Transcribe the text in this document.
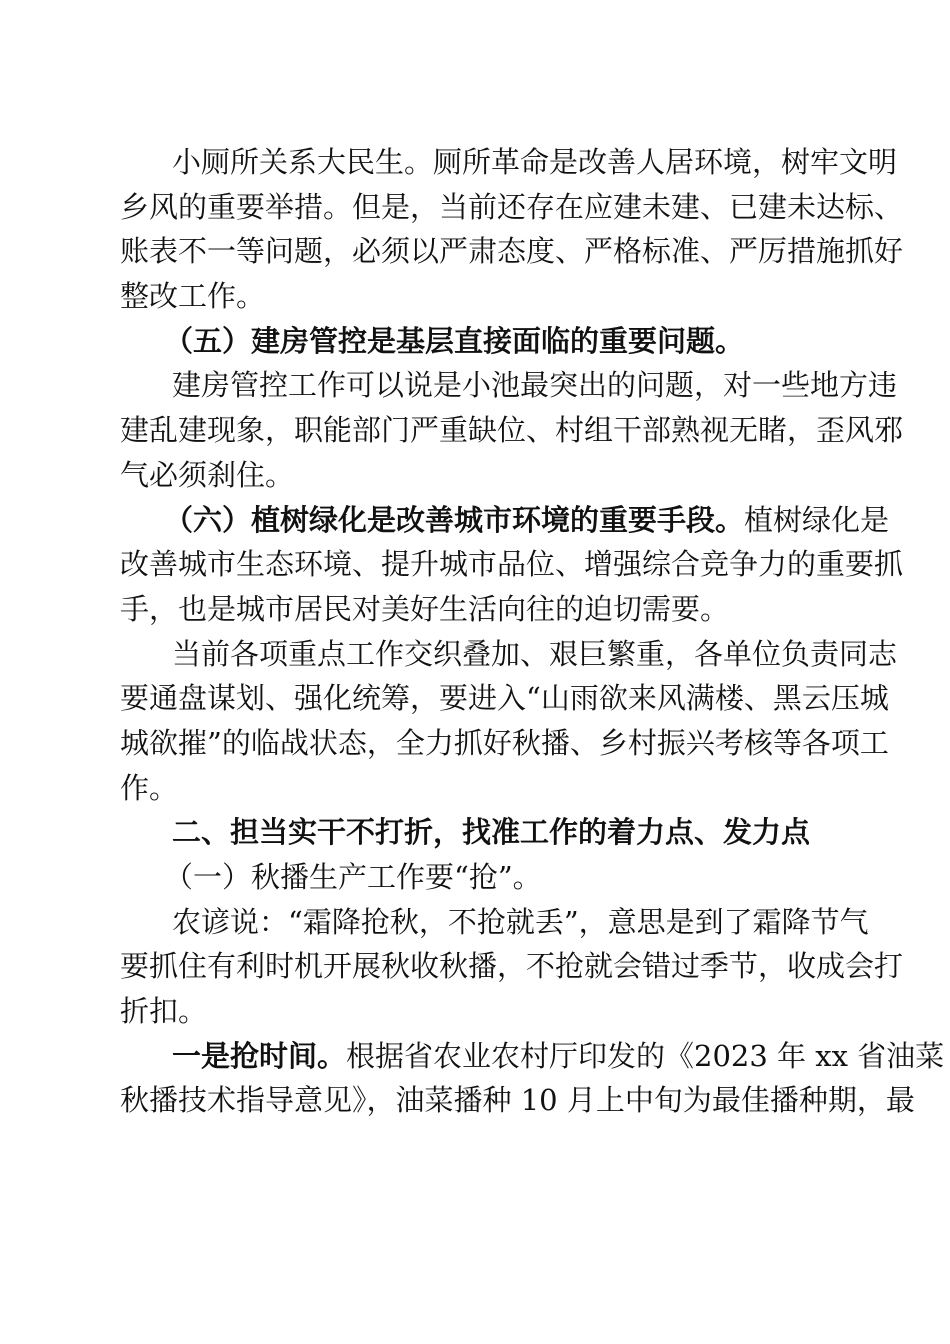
小厕所关系大民生。厕所革命是改善人居环境，树牢文明
乡风的重要举措。但是，当前还存在应建未建、已建未达标、
账表不一等问题，必须以严肃态度、严格标准、严厉措施抓好
整改工作。
（五）建房管控是基层直接面临的重要问题。
建房管控工作可以说是小池最突出的问题，对一些地方违
建乱建现象，职能部门严重缺位、村组干部熟视无睹，歪风邪
气必须刹住。
（六）植树绿化是改善城市环境的重要手段。植树绿化是
改善城市生态环境、提升城市品位、增强综合竞争力的重要抓
手，也是城市居民对美好生活向往的迫切需要。
当前各项重点工作交织叠加、艰巨繁重，各单位负责同志
要通盘谋划、强化统筹，要进入“山雨欲来风满楼、黑云压城
城欲摧”的临战状态，全力抓好秋播、乡村振兴考核等各项工
作。
二、担当实干不打折，找准工作的着力点、发力点
（一）秋播生产工作要“抢”。
农谚说：“霜降抢秋，不抢就丢”，意思是到了霜降节气
要抓住有利时机开展秋收秋播，不抢就会错过季节，收成会打
折扣。
一是抢时间。根据省农业农村厅印发的《2023 年 xx 省油菜
秋播技术指导意见》，油菜播种 10 月上中旬为最佳播种期，最
